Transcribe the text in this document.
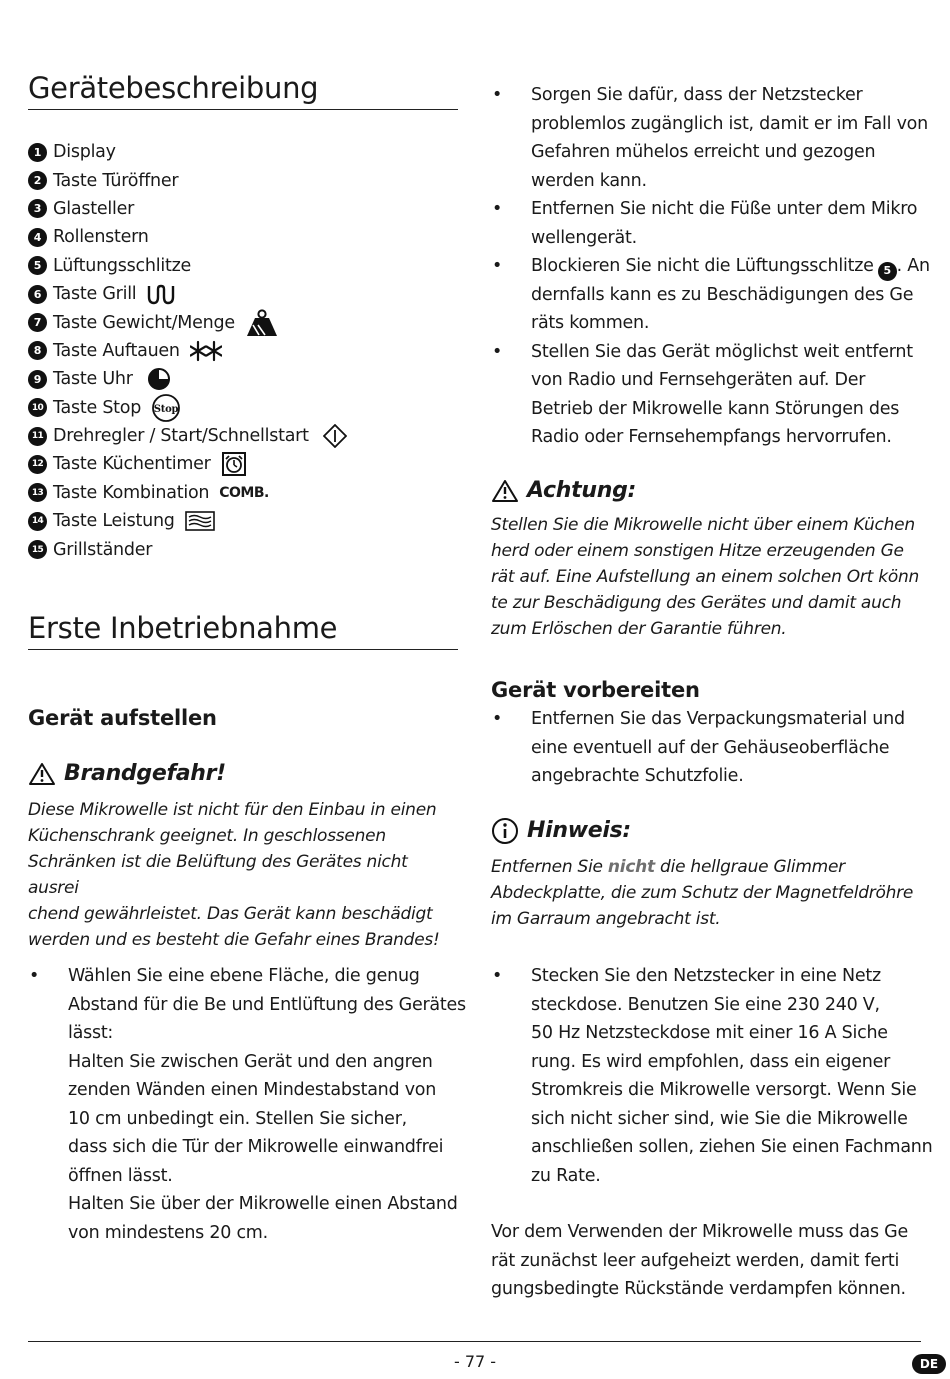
Gerätebeschreibung
1 Display
2 Taste Türöffner
3 Glasteller
4 Rollenstern
5 Lüftungsschlitze
6 Taste Grill
7 Taste Gewicht/Menge
8 Taste Auftauen
9 Taste Uhr
10 Taste Stop Stop
11 Drehregler / Start/Schnellstart
12 Taste Küchentimer
13 Taste Kombination COMB.
14 Taste Leistung
15 Grillständer
Erste Inbetriebnahme
Gerät aufstellen
Brandgefahr!
Diese Mikrowelle ist nicht für den Einbau in einen
Küchenschrank geeignet. In geschlossenen
Schränken ist die Belüftung des Gerätes nicht ausrei
chend gewährleistet. Das Gerät kann beschädigt
werden und es besteht die Gefahr eines Brandes!
• Wählen Sie eine ebene Fläche, die genug
Abstand für die Be und Entlüftung des Gerätes
lässt:
Halten Sie zwischen Gerät und den angren
zenden Wänden einen Mindestabstand von
10 cm unbedingt ein. Stellen Sie sicher,
dass sich die Tür der Mikrowelle einwandfrei
öffnen lässt.
Halten Sie über der Mikrowelle einen Abstand
von mindestens 20 cm.
• Sorgen Sie dafür, dass der Netzstecker
problemlos zugänglich ist, damit er im Fall von
Gefahren mühelos erreicht und gezogen
werden kann.
• Entfernen Sie nicht die Füße unter dem Mikro
wellengerät.
• Blockieren Sie nicht die Lüftungsschlitze 5 . An
dernfalls kann es zu Beschädigungen des Ge
räts kommen.
• Stellen Sie das Gerät möglichst weit entfernt
von Radio und Fernsehgeräten auf. Der
Betrieb der Mikrowelle kann Störungen des
Radio oder Fernsehempfangs hervorrufen.
Achtung:
Stellen Sie die Mikrowelle nicht über einem Küchen
herd oder einem sonstigen Hitze erzeugenden Ge
rät auf. Eine Aufstellung an einem solchen Ort könn
te zur Beschädigung des Gerätes und damit auch
zum Erlöschen der Garantie führen.
Gerät vorbereiten
• Entfernen Sie das Verpackungsmaterial und
eine eventuell auf der Gehäuseoberfläche
angebrachte Schutzfolie.
Hinweis:
Entfernen Sie nicht die hellgraue Glimmer
Abdeckplatte, die zum Schutz der Magnetfeldröhre
im Garraum angebracht ist.
• Stecken Sie den Netzstecker in eine Netz
steckdose. Benutzen Sie eine 230 240 V,
50 Hz Netzsteckdose mit einer 16 A Siche
rung. Es wird empfohlen, dass ein eigener
Stromkreis die Mikrowelle versorgt. Wenn Sie
sich nicht sicher sind, wie Sie die Mikrowelle
anschließen sollen, ziehen Sie einen Fachmann
zu Rate.
Vor dem Verwenden der Mikrowelle muss das Ge
rät zunächst leer aufgeheizt werden, damit ferti
gungsbedingte Rückstände verdampfen können.
- 77 -	DE
